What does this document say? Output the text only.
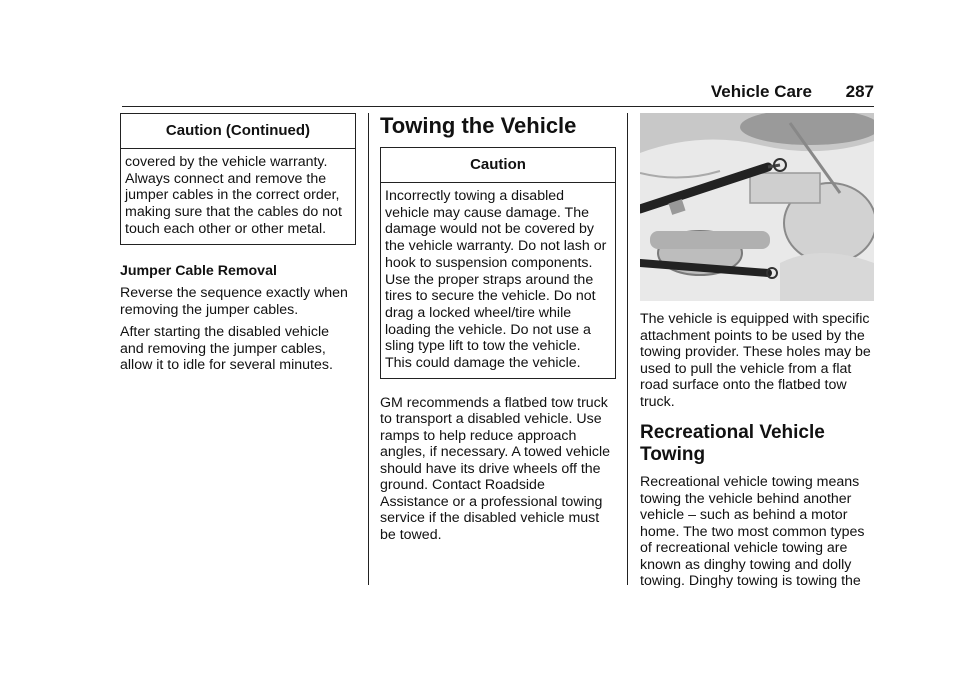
Vehicle Care 287
Caution (Continued)
covered by the vehicle warranty. Always connect and remove the jumper cables in the correct order, making sure that the cables do not touch each other or other metal.
Jumper Cable Removal

Reverse the sequence exactly when removing the jumper cables.

After starting the disabled vehicle and removing the jumper cables, allow it to idle for several minutes.

Towing the Vehicle
Caution
Incorrectly towing a disabled vehicle may cause damage. The damage would not be covered by the vehicle warranty. Do not lash or hook to suspension components. Use the proper straps around the tires to secure the vehicle. Do not drag a locked wheel/tire while loading the vehicle. Do not use a sling type lift to tow the vehicle. This could damage the vehicle.

GM recommends a flatbed tow truck to transport a disabled vehicle. Use ramps to help reduce approach angles, if necessary. A towed vehicle should have its drive wheels off the ground. Contact Roadside Assistance or a professional towing service if the disabled vehicle must be towed.

The vehicle is equipped with specific attachment points to be used by the towing provider. These holes may be used to pull the vehicle from a flat road surface onto the flatbed tow truck.

Recreational Vehicle Towing

Recreational vehicle towing means towing the vehicle behind another vehicle – such as behind a motor home. The two most common types of recreational vehicle towing are known as dinghy towing and dolly towing. Dinghy towing is towing the
